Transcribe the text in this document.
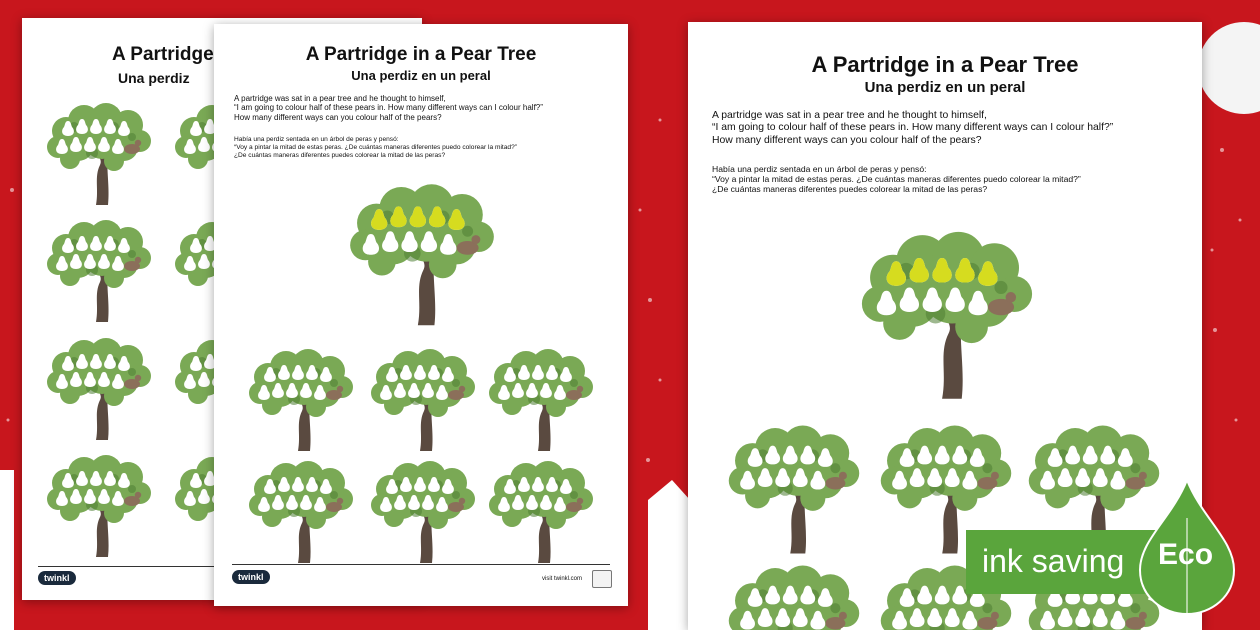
A Partridge
Una perdiz
twinkl
A Partridge in a Pear Tree
Una perdiz en un peral
A partridge was sat in a pear tree and he thought to himself,
“I am going to colour half of these pears in. How many different ways can I colour half?”
How many different ways can you colour half of the pears?
Había una perdiz sentada en un árbol de peras y pensó:
“Voy a pintar la mitad de estas peras. ¿De cuántas maneras diferentes puedo colorear la mitad?”
¿De cuántas maneras diferentes puedes colorear la mitad de las peras?
twinkl	visit twinkl.com
A Partridge in a Pear Tree
Una perdiz en un peral
A partridge was sat in a pear tree and he thought to himself,
“I am going to colour half of these pears in. How many different ways can I colour half?”
How many different ways can you colour half of the pears?
Había una perdiz sentada en un árbol de peras y pensó:
“Voy a pintar la mitad de estas peras. ¿De cuántas maneras diferentes puedo colorear la mitad?”
¿De cuántas maneras diferentes puedes colorear la mitad de las peras?
ink saving Eco
